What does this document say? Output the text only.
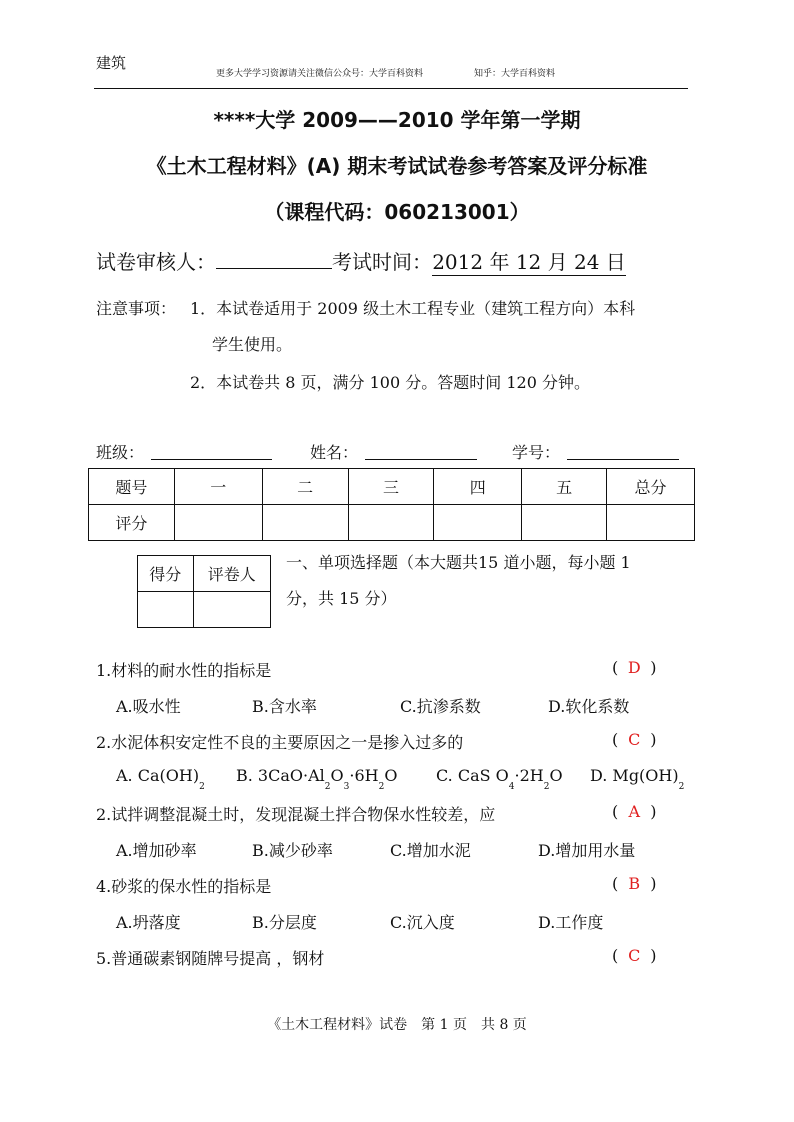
建筑
更多大学学习资源请关注微信公众号：大学百科资料	知乎：大学百科资料
****大学 2009——2010 学年第一学期
《土木工程材料》(A) 期末考试试卷参考答案及评分标准
（课程代码：060213001）
试卷审核人：	考试时间：2012 年 12 月 24 日
注意事项： 1．本试卷适用于 2009 级土木工程专业（建筑工程方向）本科
学生使用。
2．本试卷共 8 页，满分 100 分。答题时间 120 分钟。
班级：	姓名：	学号：
题号	一	二	三	四	五	总分
评分						
得分	评卷人

一、单项选择题（本大题共15 道小题，每小题 1
分，共 15 分）
1.材料的耐水性的指标是	( D )
A.吸水性	B.含水率	C.抗渗系数	D.软化系数
2.水泥体积安定性不良的主要原因之一是掺入过多的	( C )
A. $Ca(OH)_2$
B. $3CaO\cdot Al_2O_3\cdot 6H_2O$ C. CaS $O_4\cdot 2H_2O$ D. $Mg(OH)_2$
2.试拌调整混凝土时，发现混凝土拌合物保水性较差，应	( A )
A.增加砂率	B.减少砂率	C.增加水泥	D.增加用水量
4.砂浆的保水性的指标是	( B )
A.坍落度	B.分层度	C.沉入度	D.工作度
5.普通碳素钢随牌号提高 ，钢材	( C )
《土木工程材料》试卷　第 1 页　共 8 页
